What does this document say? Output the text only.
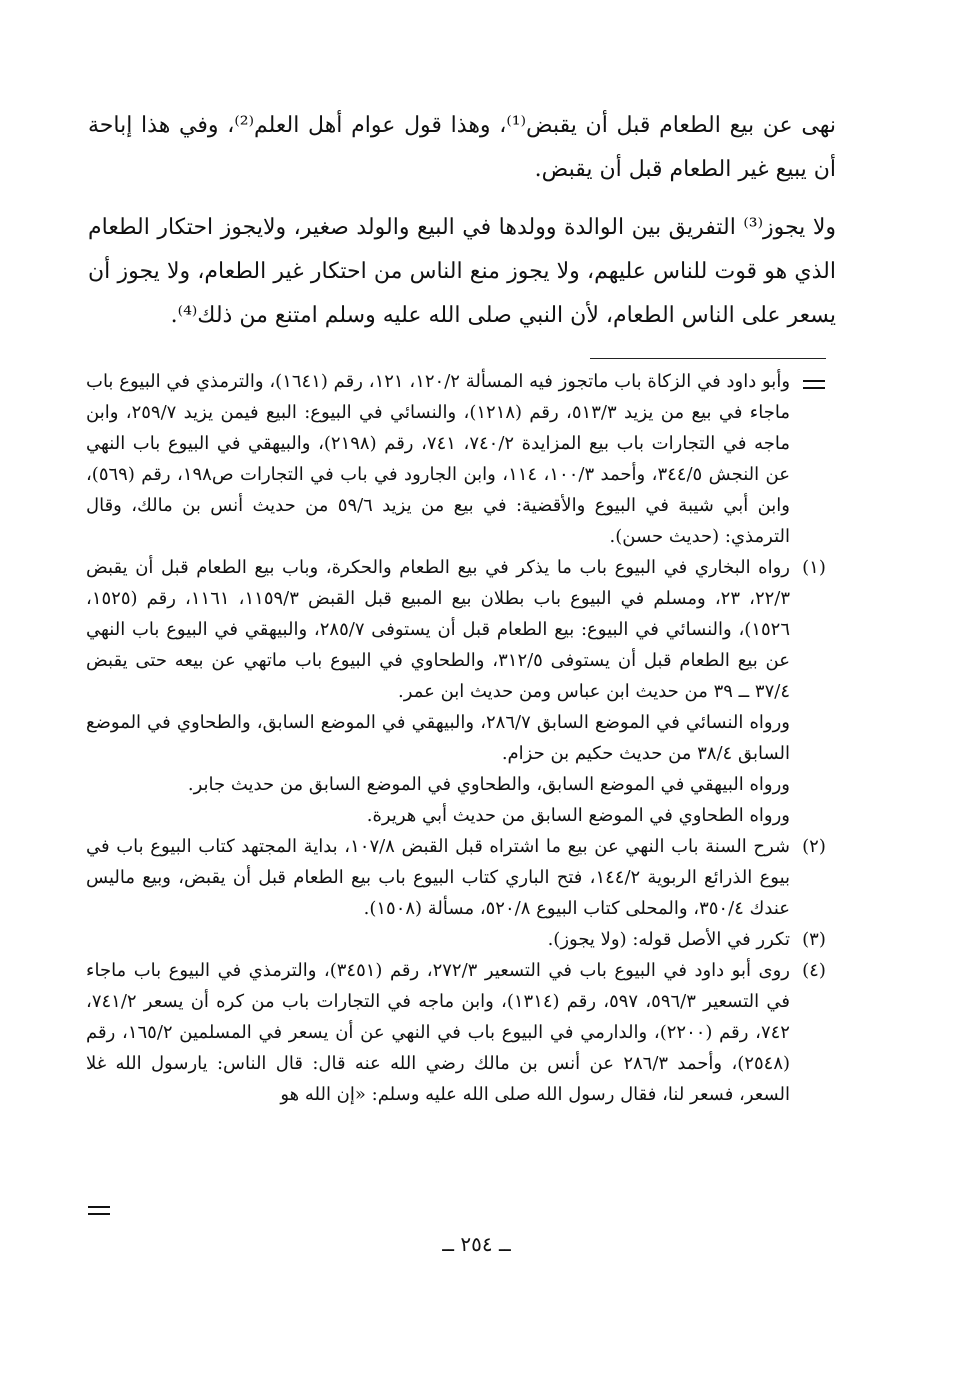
نهى عن بيع الطعام قبل أن يقبض⁽¹⁾، وهذا قول عوام أهل العلم⁽²⁾، وفي هذا إباحة أن يبيع غير الطعام قبل أن يقبض.

ولا يجوز⁽³⁾ التفريق بين الوالدة وولدها في البيع والولد صغير، ولايجوز احتكار الطعام الذي هو قوت للناس عليهم، ولا يجوز منع الناس من احتكار غير الطعام، ولا يجوز أن يسعر على الناس الطعام، لأن النبي صلى الله عليه وسلم امتنع من ذلك⁽⁴⁾.

وأبو داود في الزكاة باب ماتجوز فيه المسألة ١٢٠/٢، ١٢١، رقم (١٦٤١)، والترمذي في البيوع باب ماجاء في بيع من يزيد ٥١٣/٣، رقم (١٢١٨)، والنسائي في البيوع: البيع فيمن يزيد ٢٥٩/٧، وابن ماجه في التجارات باب بيع المزايدة ٧٤٠/٢، ٧٤١، رقم (٢١٩٨)، والبيهقي في البيوع باب النهي عن النجش ٣٤٤/٥، وأحمد ١٠٠/٣، ١١٤، وابن الجارود في باب في التجارات ص١٩٨، رقم (٥٦٩)، وابن أبي شيبة في البيوع والأقضية: في بيع من يزيد ٥٩/٦ من حديث أنس بن مالك، وقال الترمذي: (حديث حسن).
(١)
رواه البخاري في البيوع باب ما يذكر في بيع الطعام والحكرة، وباب بيع الطعام قبل أن يقبض ٢٢/٣، ٢٣، ومسلم في البيوع باب بطلان بيع المبيع قبل القبض ١١٥٩/٣، ١١٦١، رقم (١٥٢٥، ١٥٢٦)، والنسائي في البيوع: بيع الطعام قبل أن يستوفى ٢٨٥/٧، والبيهقي في البيوع باب النهي عن بيع الطعام قبل أن يستوفى ٣١٢/٥، والطحاوي في البيوع باب ماتهي عن بيعه حتى يقبض ٣٧/٤ ــ ٣٩ من حديث ابن عباس ومن حديث ابن عمر.
ورواه النسائي في الموضع السابق ٢٨٦/٧، والبيهقي في الموضع السابق، والطحاوي في الموضع السابق ٣٨/٤ من حديث حكيم بن حزام.
ورواه البيهقي في الموضع السابق، والطحاوي في الموضع السابق من حديث جابر.
ورواه الطحاوي في الموضع السابق من حديث أبي هريرة.
(٢)
شرح السنة باب النهي عن بيع ما اشتراه قبل القبض ١٠٧/٨، بداية المجتهد كتاب البيوع باب في بيوع الذرائع الربوية ١٤٤/٢، فتح الباري كتاب البيوع باب بيع الطعام قبل أن يقبض، وبيع ماليس عندك ٣٥٠/٤، والمحلى كتاب البيوع ٥٢٠/٨، مسألة (١٥٠٨).
(٣)
تكرر في الأصل قوله: (ولا يجوز).
(٤)
روى أبو داود في البيوع باب في التسعير ٢٧٢/٣، رقم (٣٤٥١)، والترمذي في البيوع باب ماجاء في التسعير ٥٩٦/٣، ٥٩٧، رقم (١٣١٤)، وابن ماجه في التجارات باب من كره أن يسعر ٧٤١/٢، ٧٤٢، رقم (٢٢٠٠)، والدارمي في البيوع باب في النهي عن أن يسعر في المسلمين ١٦٥/٢، رقم (٢٥٤٨)، وأحمد ٢٨٦/٣ عن أنس بن مالك رضي الله عنه قال: قال الناس: يارسول الله غلا السعر، فسعر لنا، فقال رسول الله صلى الله عليه وسلم: «إن الله هو
ــ ٢٥٤ ــ
